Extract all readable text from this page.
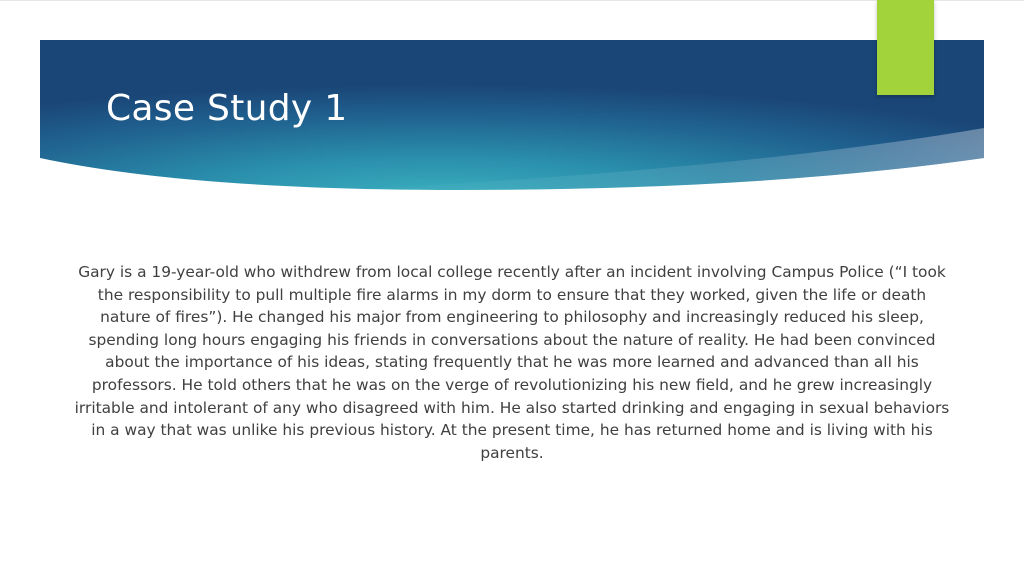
Case Study 1

Gary is a 19-year-old who withdrew from local college recently after an incident involving Campus Police (“I took the responsibility to pull multiple fire alarms in my dorm to ensure that they worked, given the life or death nature of fires”). He changed his major from engineering to philosophy and increasingly reduced his sleep, spending long hours engaging his friends in conversations about the nature of reality. He had been convinced about the importance of his ideas, stating frequently that he was more learned and advanced than all his professors. He told others that he was on the verge of revolutionizing his new field, and he grew increasingly irritable and intolerant of any who disagreed with him. He also started drinking and engaging in sexual behaviors in a way that was unlike his previous history. At the present time, he has returned home and is living with his parents.
